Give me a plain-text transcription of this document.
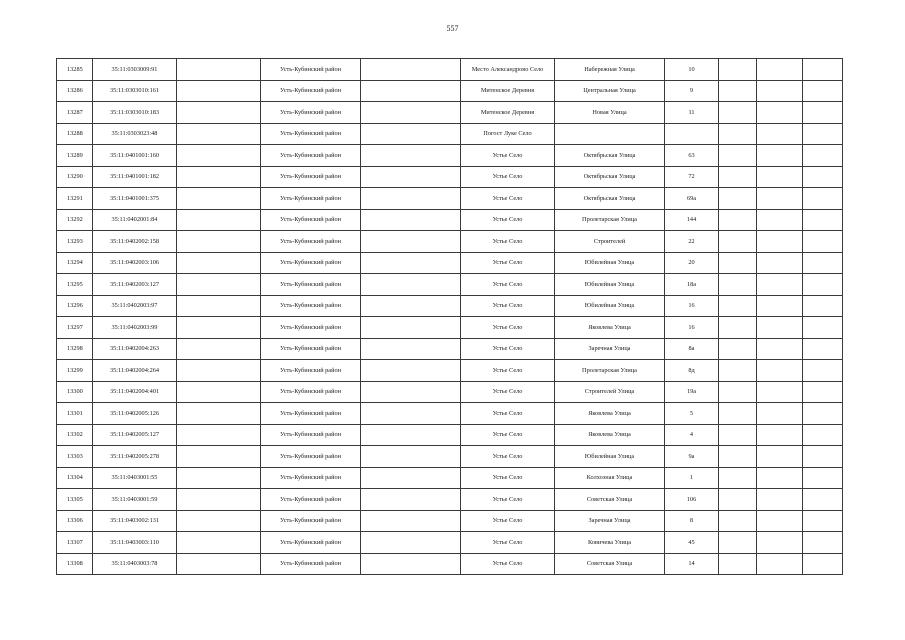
557
13285	35:11:0303009:91		Усть-Кубинский район		Место Александрово Село	Набережная Улица	10			
13286	35:11:0303010:161		Усть-Кубинский район		Митенское Деревня	Центральная Улица	9			
13287	35:11:0303010:183		Усть-Кубинский район		Митенское Деревня	Новая Улица	11			
13288	35:11:0303023:48		Усть-Кубинский район		Погост Луке Село					
13289	35:11:0401001:160		Усть-Кубинский район		Устье Село	Октябрьская Улица	63			
13290	35:11:0401001:182		Усть-Кубинский район		Устье Село	Октябрьская Улица	72			
13291	35:11:0401001:375		Усть-Кубинский район		Устье Село	Октябрьская Улица	69а			
13292	35:11:0402001:84		Усть-Кубинский район		Устье Село	Пролетарская Улица	144			
13293	35:11:0402002:158		Усть-Кубинский район		Устье Село	Строителей	22			
13294	35:11:0402003:106		Усть-Кубинский район		Устье Село	Юбилейная Улица	20			
13295	35:11:0402003:127		Усть-Кубинский район		Устье Село	Юбилейная Улица	18а			
13296	35:11:0402003:97		Усть-Кубинский район		Устье Село	Юбилейная Улица	16			
13297	35:11:0402003:99		Усть-Кубинский район		Устье Село	Яковлева Улица	16			
13298	35:11:0402004:263		Усть-Кубинский район		Устье Село	Заречная Улица	8а			
13299	35:11:0402004:264		Усть-Кубинский район		Устье Село	Пролетарская Улица	8д			
13300	35:11:0402004:401		Усть-Кубинский район		Устье Село	Строителей Улица	19а			
13301	35:11:0402005:126		Усть-Кубинский район		Устье Село	Яковлева Улица	5			
13302	35:11:0402005:127		Усть-Кубинский район		Устье Село	Яковлева Улица	4			
13303	35:11:0402005:278		Усть-Кубинский район		Устье Село	Юбилейная Улица	9а			
13304	35:11:0403001:55		Усть-Кубинский район		Устье Село	Колхозная Улица	1			
13305	35:11:0403001:59		Усть-Кубинский район		Устье Село	Советская Улица	106			
13306	35:11:0403002:131		Усть-Кубинский район		Устье Село	Заречная Улица	8			
13307	35:11:0403003:110		Усть-Кубинский район		Устье Село	Ковичева Улица	45			
13308	35:11:0403003:78		Усть-Кубинский район		Устье Село	Советская Улица	14			
